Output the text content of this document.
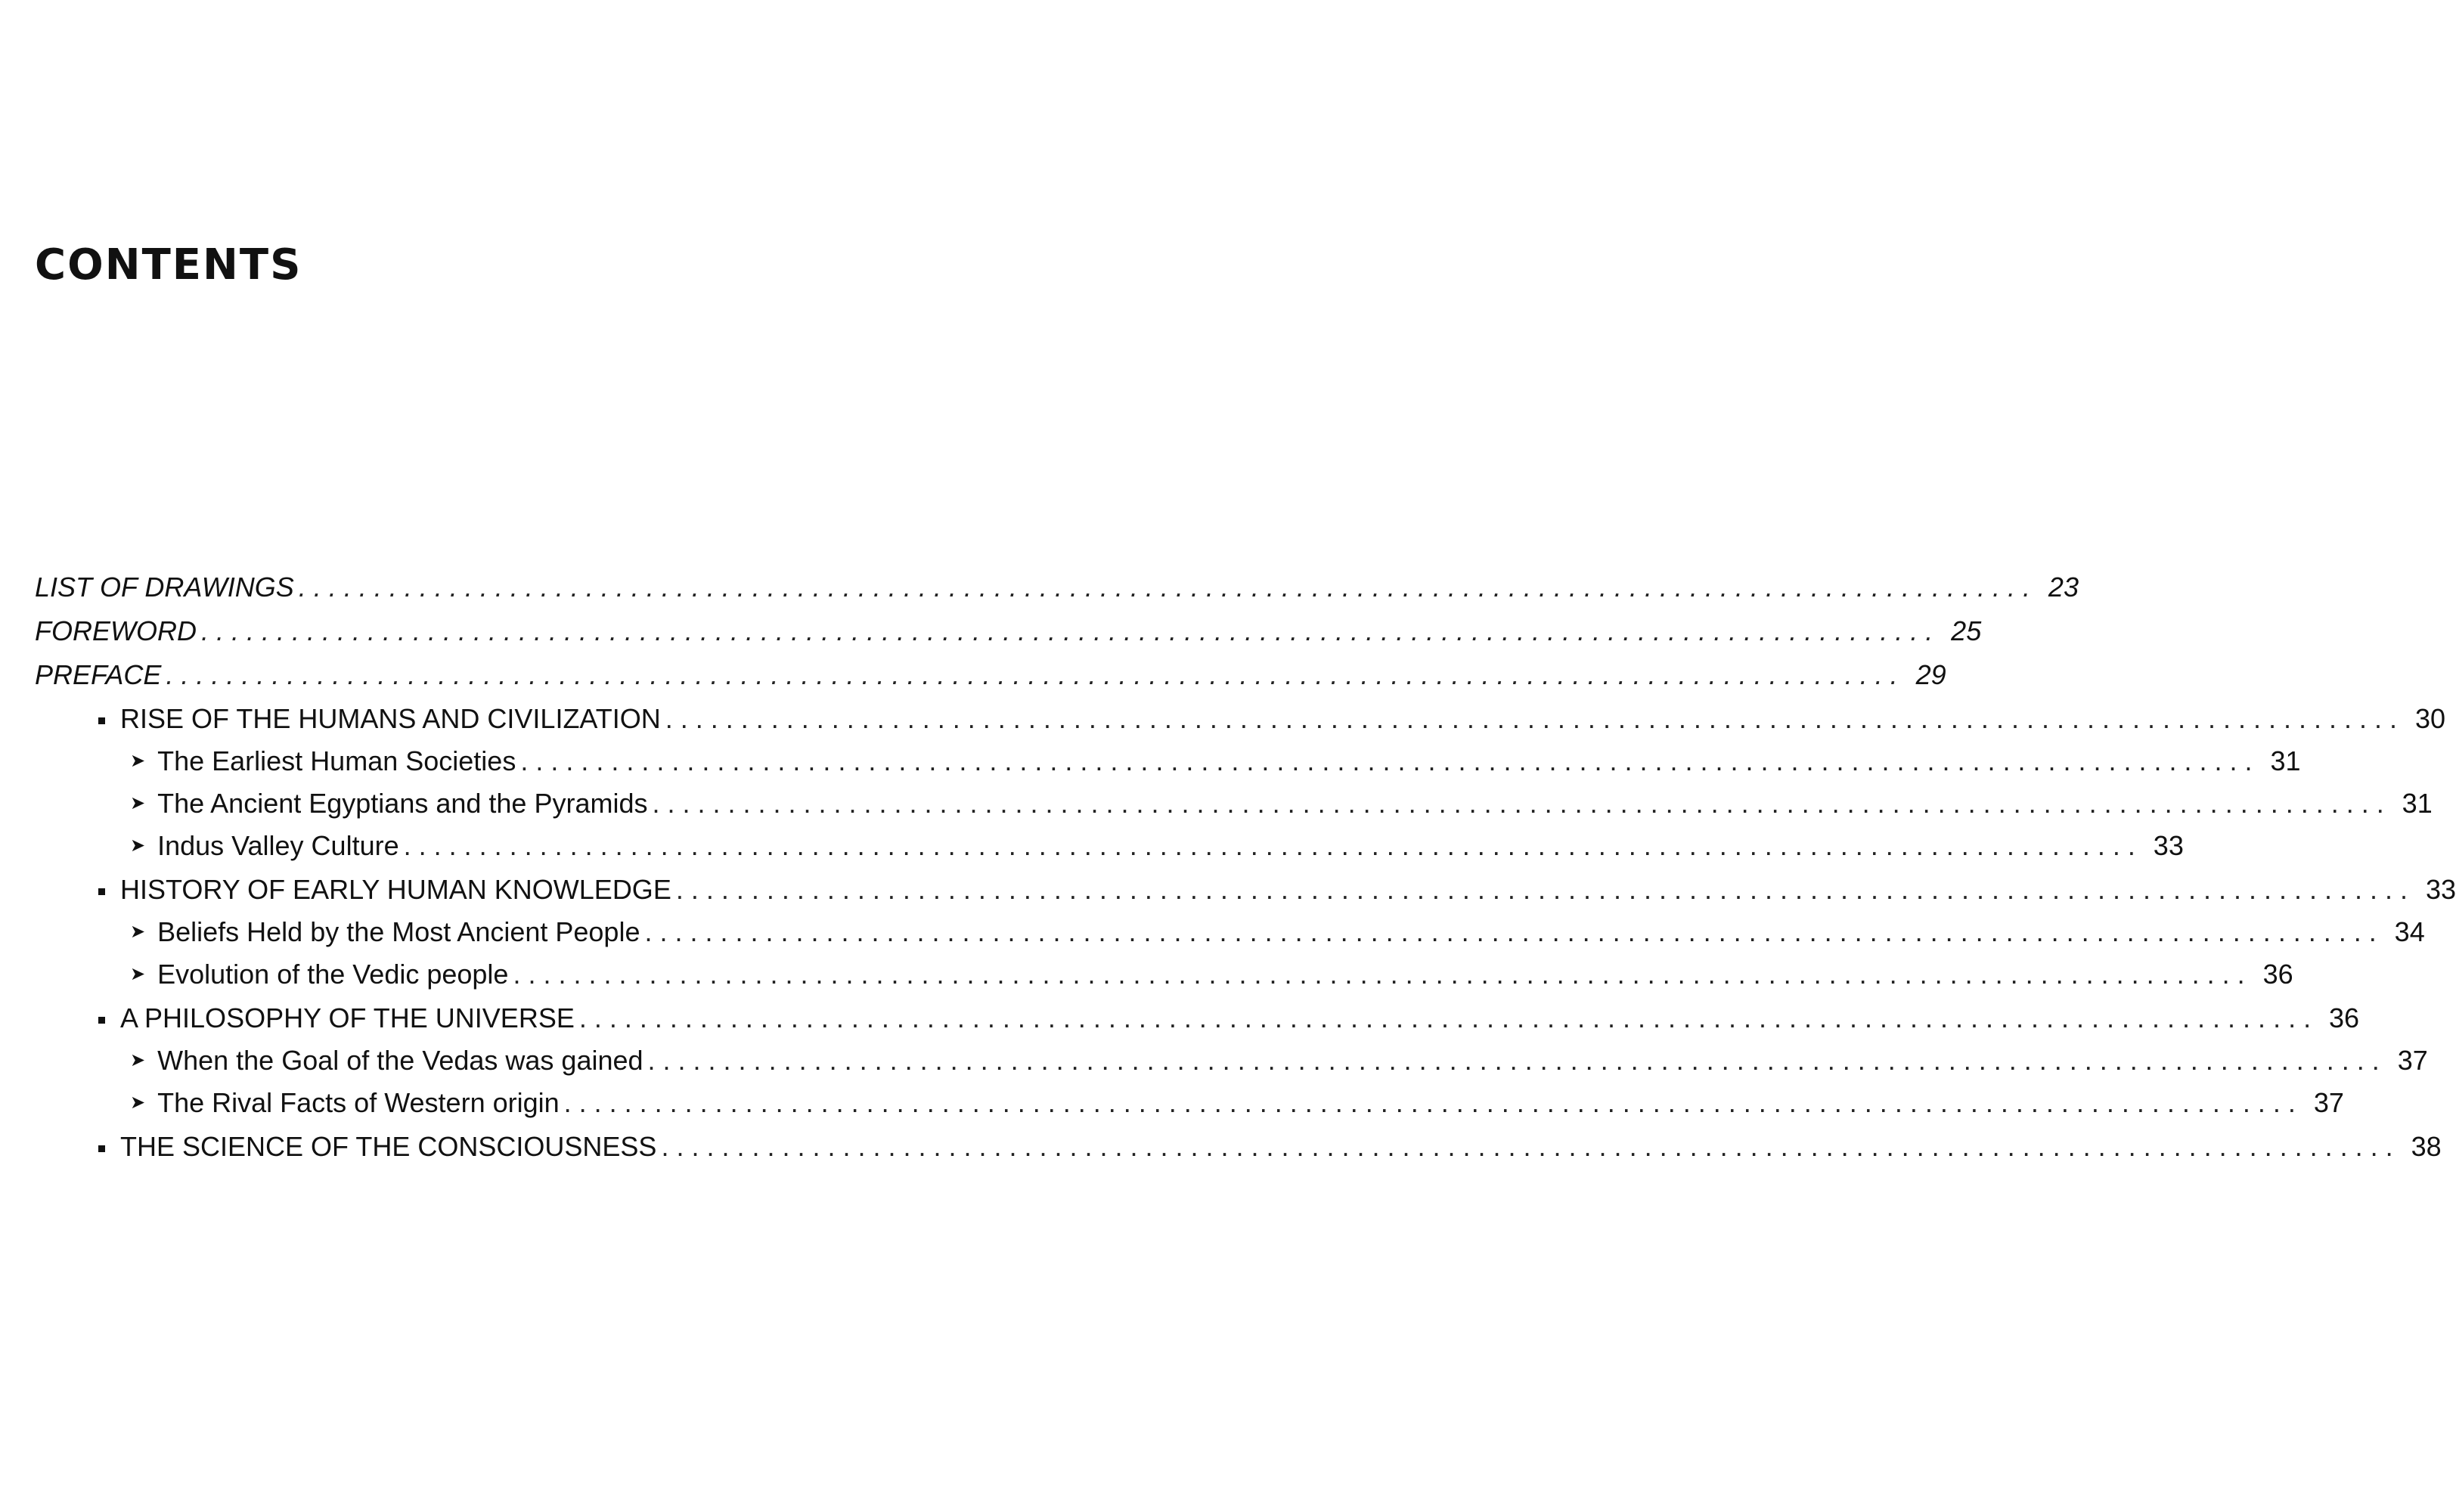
CONTENTS
LIST OF DRAWINGS ................................................................................................................... 23
FOREWORD ................................................................................................................... 25
PREFACE ................................................................................................................... 29
RISE OF THE HUMANS AND CIVILIZATION ................................................................................................................... 30
➤ The Earliest Human Societies ................................................................................................................... 31
➤ The Ancient Egyptians and the Pyramids ................................................................................................................... 31
➤ Indus Valley Culture ................................................................................................................... 33
HISTORY OF EARLY HUMAN KNOWLEDGE ................................................................................................................... 33
➤ Beliefs Held by the Most Ancient People ................................................................................................................... 34
➤ Evolution of the Vedic people ................................................................................................................... 36
A PHILOSOPHY OF THE UNIVERSE ................................................................................................................... 36
➤ When the Goal of the Vedas was gained ................................................................................................................... 37
➤ The Rival Facts of Western origin ................................................................................................................... 37
THE SCIENCE OF THE CONSCIOUSNESS ................................................................................................................... 38
